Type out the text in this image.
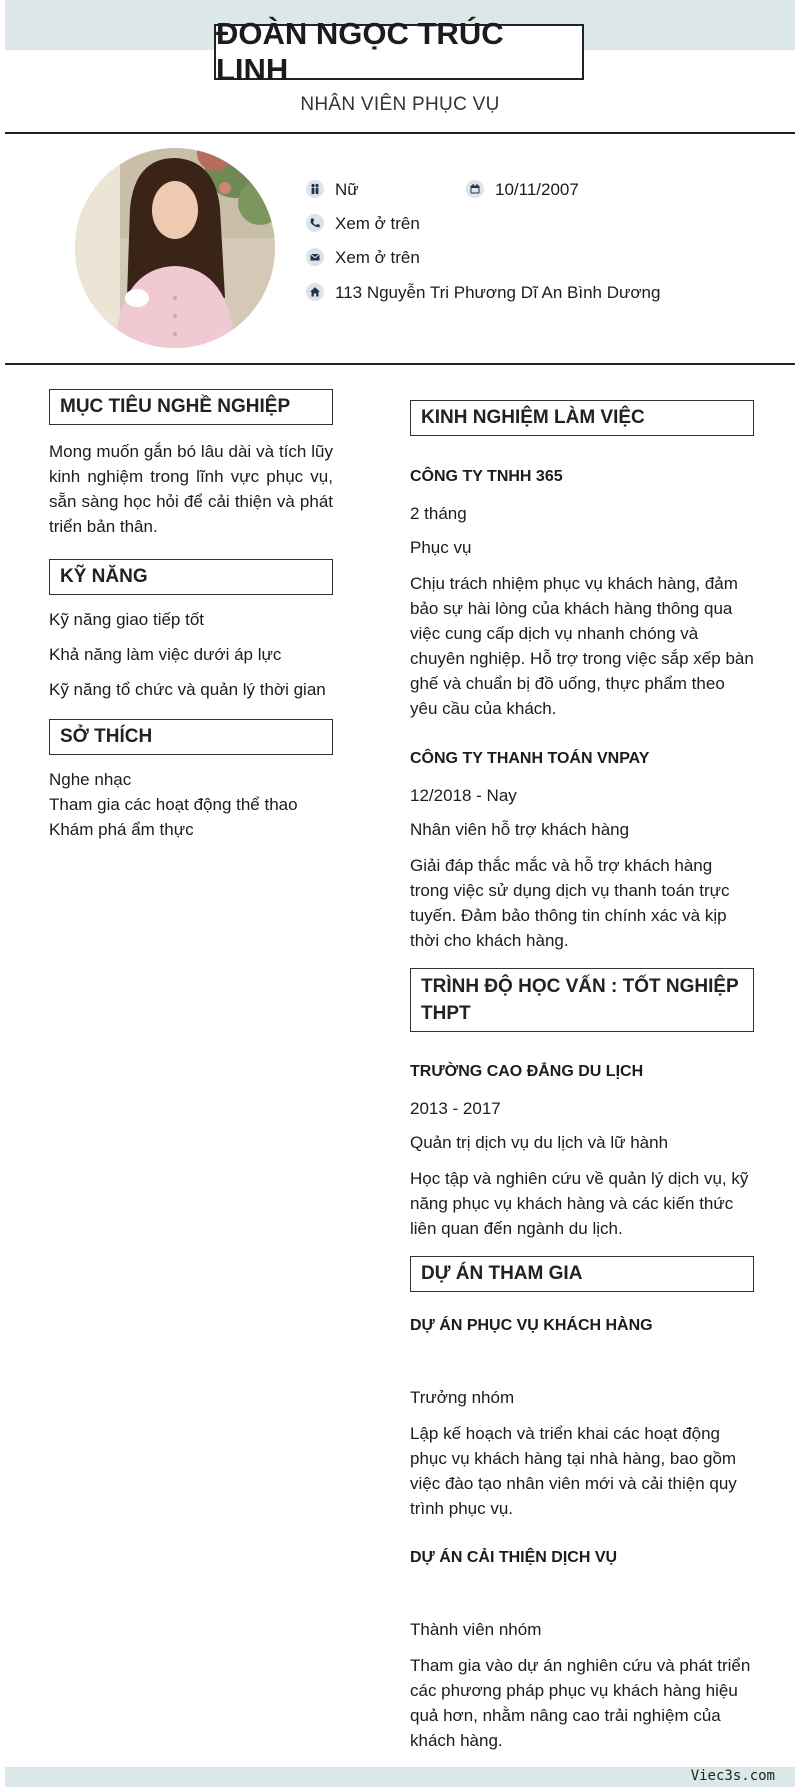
ĐOÀN NGỌC TRÚC LINH
NHÂN VIÊN PHỤC VỤ
Nữ	10/11/2007
Xem ở trên
Xem ở trên
113 Nguyễn Tri Phương Dĩ An Bình Dương
MỤC TIÊU NGHỀ NGHIỆP
Mong muốn gắn bó lâu dài và tích lũy kinh nghiệm trong lĩnh vực phục vụ, sẵn sàng học hỏi để cải thiện và phát triển bản thân.
KỸ NĂNG
Kỹ năng giao tiếp tốt
Khả năng làm việc dưới áp lực
Kỹ năng tổ chức và quản lý thời gian
SỞ THÍCH
Nghe nhạc
Tham gia các hoạt động thể thao
Khám phá ẩm thực
KINH NGHIỆM LÀM VIỆC
CÔNG TY TNHH 365
2 tháng
Phục vụ
Chịu trách nhiệm phục vụ khách hàng, đảm bảo sự hài lòng của khách hàng thông qua việc cung cấp dịch vụ nhanh chóng và chuyên nghiệp. Hỗ trợ trong việc sắp xếp bàn ghế và chuẩn bị đồ uống, thực phẩm theo yêu cầu của khách.
CÔNG TY THANH TOÁN VNPAY
12/2018 - Nay
Nhân viên hỗ trợ khách hàng
Giải đáp thắc mắc và hỗ trợ khách hàng trong việc sử dụng dịch vụ thanh toán trực tuyến. Đảm bảo thông tin chính xác và kịp thời cho khách hàng.
TRÌNH ĐỘ HỌC VẤN : TỐT NGHIỆP THPT
TRƯỜNG CAO ĐẲNG DU LỊCH
2013 - 2017
Quản trị dịch vụ du lịch và lữ hành
Học tập và nghiên cứu về quản lý dịch vụ, kỹ năng phục vụ khách hàng và các kiến thức liên quan đến ngành du lịch.
DỰ ÁN THAM GIA
DỰ ÁN PHỤC VỤ KHÁCH HÀNG
Trưởng nhóm
Lập kế hoạch và triển khai các hoạt động phục vụ khách hàng tại nhà hàng, bao gồm việc đào tạo nhân viên mới và cải thiện quy trình phục vụ.
DỰ ÁN CẢI THIỆN DỊCH VỤ
Thành viên nhóm
Tham gia vào dự án nghiên cứu và phát triển các phương pháp phục vụ khách hàng hiệu quả hơn, nhằm nâng cao trải nghiệm của khách hàng.
Viec3s.com
